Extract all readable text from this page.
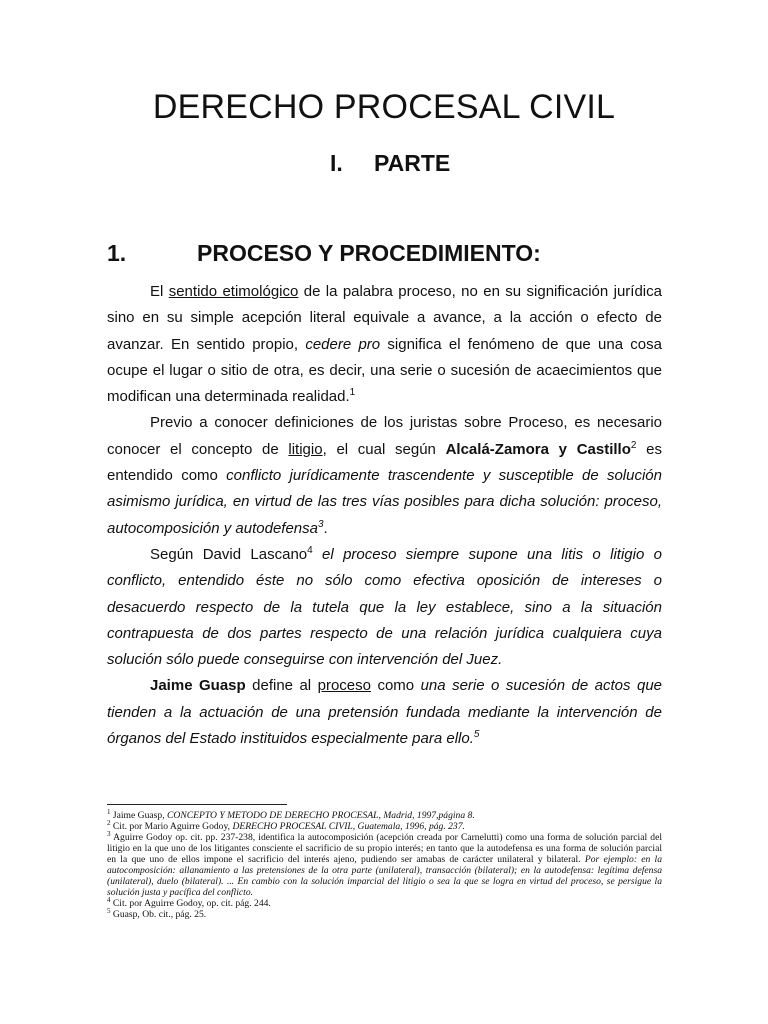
DERECHO PROCESAL CIVIL
I. PARTE
1.	PROCESO Y PROCEDIMIENTO:

El sentido etimológico de la palabra proceso, no en su significación jurídica sino en su simple acepción literal equivale a avance, a la acción o efecto de avanzar. En sentido propio, cedere pro significa el fenómeno de que una cosa ocupe el lugar o sitio de otra, es decir, una serie o sucesión de acaecimientos que modifican una determinada realidad.$^1$

Previo a conocer definiciones de los juristas sobre Proceso, es necesario conocer el concepto de litigio, el cual según Alcalá-Zamora y Castillo$^2$ es entendido como conflicto jurídicamente trascendente y susceptible de solución asimismo jurídica, en virtud de las tres vías posibles para dicha solución: proceso, autocomposición y autodefensa$^3$.

Según David Lascano$^4$ el proceso siempre supone una litis o litigio o conflicto, entendido éste no sólo como efectiva oposición de intereses o desacuerdo respecto de la tutela que la ley establece, sino a la situación contrapuesta de dos partes respecto de una relación jurídica cualquiera cuya solución sólo puede conseguirse con intervención del Juez.

Jaime Guasp define al proceso como una serie o sucesión de actos que tienden a la actuación de una pretensión fundada mediante la intervención de órganos del Estado instituidos especialmente para ello.$^5$

$^1$ Jaime Guasp, CONCEPTO Y METODO DE DERECHO PROCESAL, Madrid, 1997,página 8.

$^2$ Cit. por Mario Aguirre Godoy, DERECHO PROCESAL CIVIL, Guatemala, 1996, pág. 237.

$^3$ Aguirre Godoy op. cit. pp. 237-238, identifica la autocomposición (acepción creada por Carnelutti) como una forma de solución parcial del litigio en la que uno de los litigantes consciente el sacrificio de su propio interés; en tanto que la autodefensa es una forma de solución parcial en la que uno de ellos impone el sacrificio del interés ajeno, pudiendo ser amabas de carácter unilateral y bilateral. Por ejemplo: en la autocomposición: allanamiento a las pretensiones de la otra parte (unilateral), transacción (bilateral); en la autodefensa: legítima defensa (unilateral), duelo (bilateral). ... En cambio con la solución imparcial del litigio o sea la que se logra en virtud del proceso, se persigue la solución justa y pacífica del conflicto.

$^4$ Cit. por Aguirre Godoy, op. cit. pág. 244.

$^5$ Guasp, Ob. cit., pág. 25.
